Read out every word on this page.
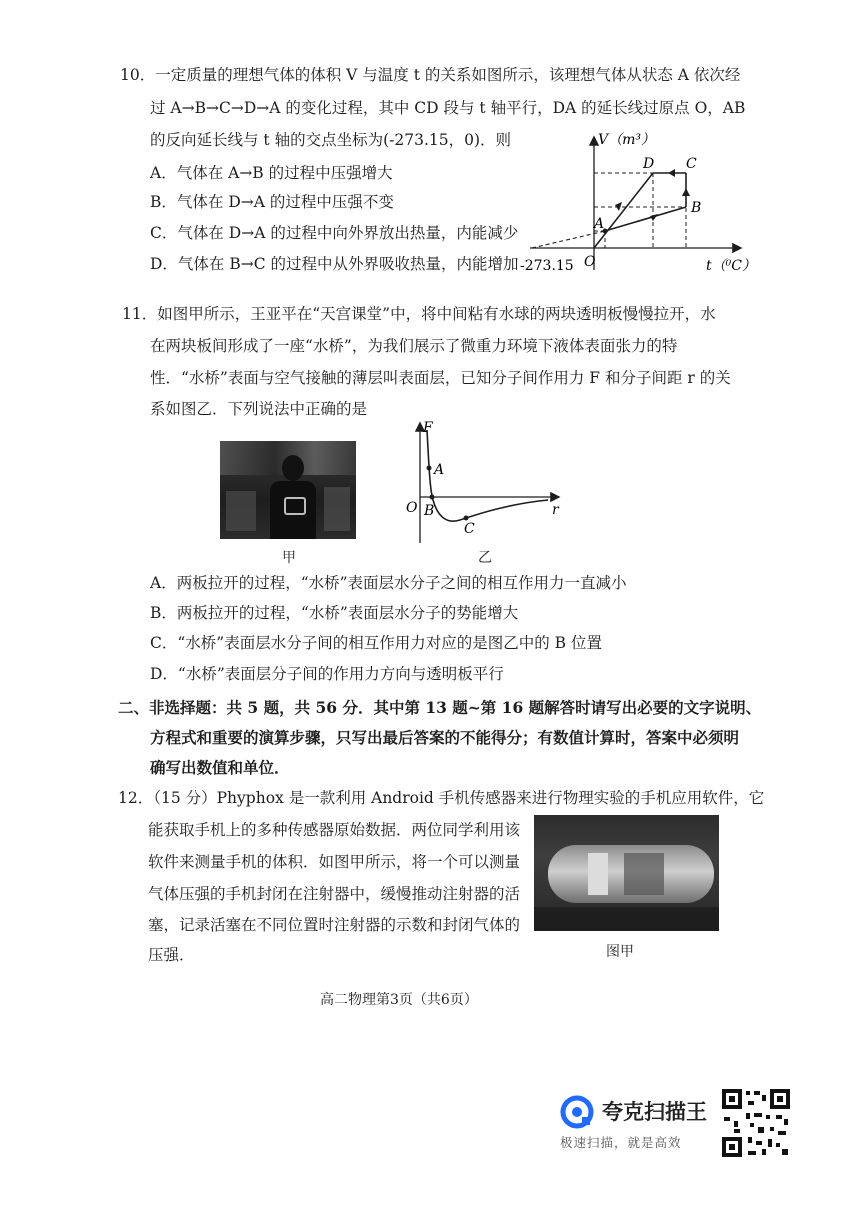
10．一定质量的理想气体的体积 V 与温度 t 的关系如图所示，该理想气体从状态 A 依次经
过 A→B→C→D→A 的变化过程，其中 CD 段与 t 轴平行，DA 的延长线过原点 O，AB
的反向延长线与 t 轴的交点坐标为(-273.15，0)．则
A．气体在 A→B 的过程中压强增大
B．气体在 D→A 的过程中压强不变
C．气体在 D→A 的过程中向外界放出热量，内能减少
D．气体在 B→C 的过程中从外界吸收热量，内能增加
V（m³）
t（⁰C）
O
-273.15
A
B
C
D
11．如图甲所示，王亚平在“天宫课堂”中，将中间粘有水球的两块透明板慢慢拉开，水
在两块板间形成了一座“水桥”，为我们展示了微重力环境下液体表面张力的特
性．“水桥”表面与空气接触的薄层叫表面层，已知分子间作用力 F 和分子间距 r 的关
系如图乙．下列说法中正确的是
甲
F
r
O
A
B
C
乙
A．两板拉开的过程，“水桥”表面层水分子之间的相互作用力一直减小
B．两板拉开的过程，“水桥”表面层水分子的势能增大
C．“水桥”表面层水分子间的相互作用力对应的是图乙中的 B 位置
D．“水桥”表面层分子间的作用力方向与透明板平行
二、非选择题：共 5 题，共 56 分．其中第 13 题~第 16 题解答时请写出必要的文字说明、
方程式和重要的演算步骤，只写出最后答案的不能得分；有数值计算时，答案中必须明
确写出数值和单位．
12．（15 分）Phyphox 是一款利用 Android 手机传感器来进行物理实验的手机应用软件，它
能获取手机上的多种传感器原始数据．两位同学利用该
软件来测量手机的体积．如图甲所示，将一个可以测量
气体压强的手机封闭在注射器中，缓慢推动注射器的活
塞，记录活塞在不同位置时注射器的示数和封闭气体的
压强．	图甲
高二物理第3页（共6页）
夸克扫描王
极速扫描，就是高效
